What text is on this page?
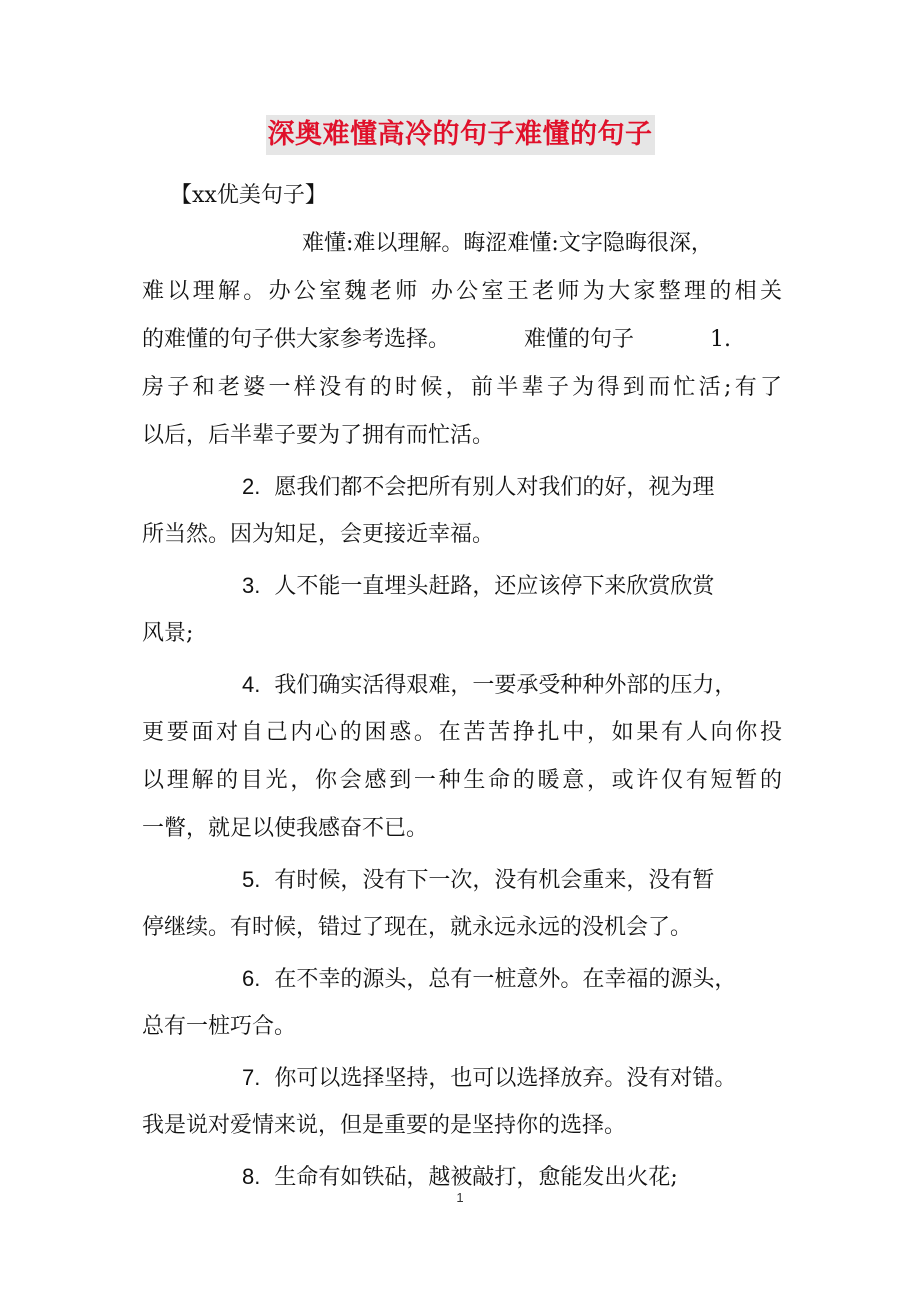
深奥难懂高冷的句子难懂的句子
【xx优美句子】
难懂:难以理解。晦涩难懂:文字隐晦很深，
难以理解。办公室魏老师 办公室王老师为大家整理的相关
的难懂的句子供大家参考选择。	难懂的句子	1.
房子和老婆一样没有的时候，前半辈子为得到而忙活;有了
以后，后半辈子要为了拥有而忙活。
2. 愿我们都不会把所有别人对我们的好，视为理
所当然。因为知足，会更接近幸福。
3. 人不能一直埋头赶路，还应该停下来欣赏欣赏
风景;
4. 我们确实活得艰难，一要承受种种外部的压力，
更要面对自己内心的困惑。在苦苦挣扎中，如果有人向你投
以理解的目光，你会感到一种生命的暖意，或许仅有短暂的
一瞥，就足以使我感奋不已。
5. 有时候，没有下一次，没有机会重来，没有暂
停继续。有时候，错过了现在，就永远永远的没机会了。
6. 在不幸的源头，总有一桩意外。在幸福的源头，
总有一桩巧合。
7. 你可以选择坚持，也可以选择放弃。没有对错。
我是说对爱情来说，但是重要的是坚持你的选择。
8. 生命有如铁砧，越被敲打，愈能发出火花;
1
